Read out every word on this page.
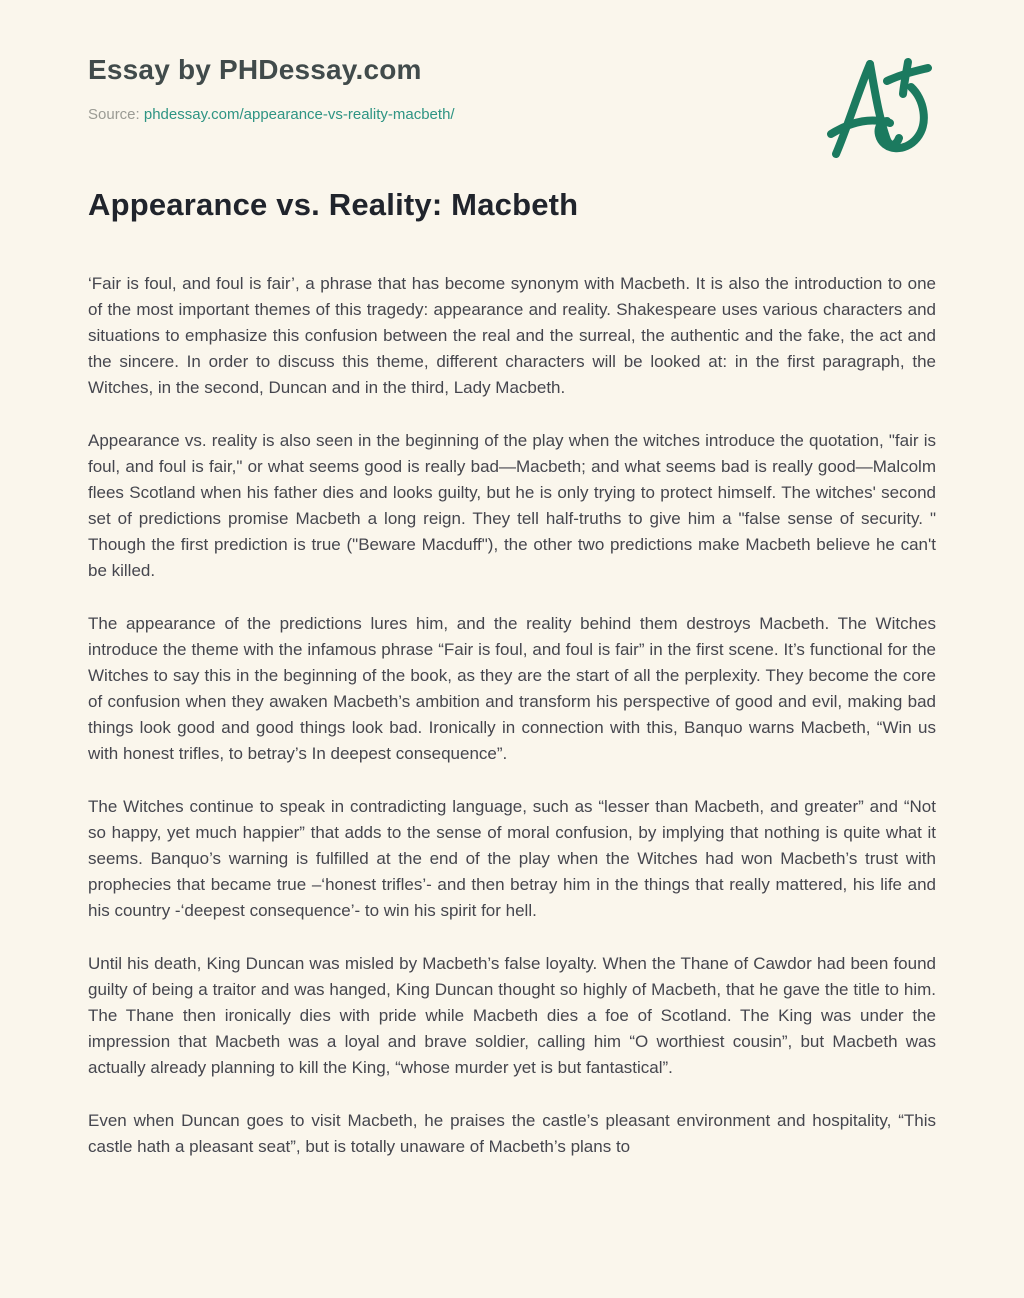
Essay by PHDessay.com
Source: phdessay.com/appearance-vs-reality-macbeth/
Appearance vs. Reality: Macbeth

‘Fair is foul, and foul is fair’, a phrase that has become synonym with Macbeth. It is also the introduction to one of the most important themes of this tragedy: appearance and reality. Shakespeare uses various characters and situations to emphasize this confusion between the real and the surreal, the authentic and the fake, the act and the sincere. In order to discuss this theme, different characters will be looked at: in the first paragraph, the Witches, in the second, Duncan and in the third, Lady Macbeth.

Appearance vs. reality is also seen in the beginning of the play when the witches introduce the quotation, "fair is foul, and foul is fair," or what seems good is really bad—Macbeth; and what seems bad is really good—Malcolm flees Scotland when his father dies and looks guilty, but he is only trying to protect himself. The witches' second set of predictions promise Macbeth a long reign. They tell half-truths to give him a "false sense of security. " Though the first prediction is true ("Beware Macduff"), the other two predictions make Macbeth believe he can't be killed.

The appearance of the predictions lures him, and the reality behind them destroys Macbeth. The Witches introduce the theme with the infamous phrase “Fair is foul, and foul is fair” in the first scene. It’s functional for the Witches to say this in the beginning of the book, as they are the start of all the perplexity. They become the core of confusion when they awaken Macbeth’s ambition and transform his perspective of good and evil, making bad things look good and good things look bad. Ironically in connection with this, Banquo warns Macbeth, “Win us with honest trifles, to betray’s In deepest consequence”.

The Witches continue to speak in contradicting language, such as “lesser than Macbeth, and greater” and “Not so happy, yet much happier” that adds to the sense of moral confusion, by implying that nothing is quite what it seems. Banquo’s warning is fulfilled at the end of the play when the Witches had won Macbeth’s trust with prophecies that became true –‘honest trifles’- and then betray him in the things that really mattered, his life and his country -‘deepest consequence’- to win his spirit for hell.

Until his death, King Duncan was misled by Macbeth’s false loyalty. When the Thane of Cawdor had been found guilty of being a traitor and was hanged, King Duncan thought so highly of Macbeth, that he gave the title to him. The Thane then ironically dies with pride while Macbeth dies a foe of Scotland. The King was under the impression that Macbeth was a loyal and brave soldier, calling him “O worthiest cousin”, but Macbeth was actually already planning to kill the King, “whose murder yet is but fantastical”.

Even when Duncan goes to visit Macbeth, he praises the castle’s pleasant environment and hospitality, “This castle hath a pleasant seat”, but is totally unaware of Macbeth’s plans to
